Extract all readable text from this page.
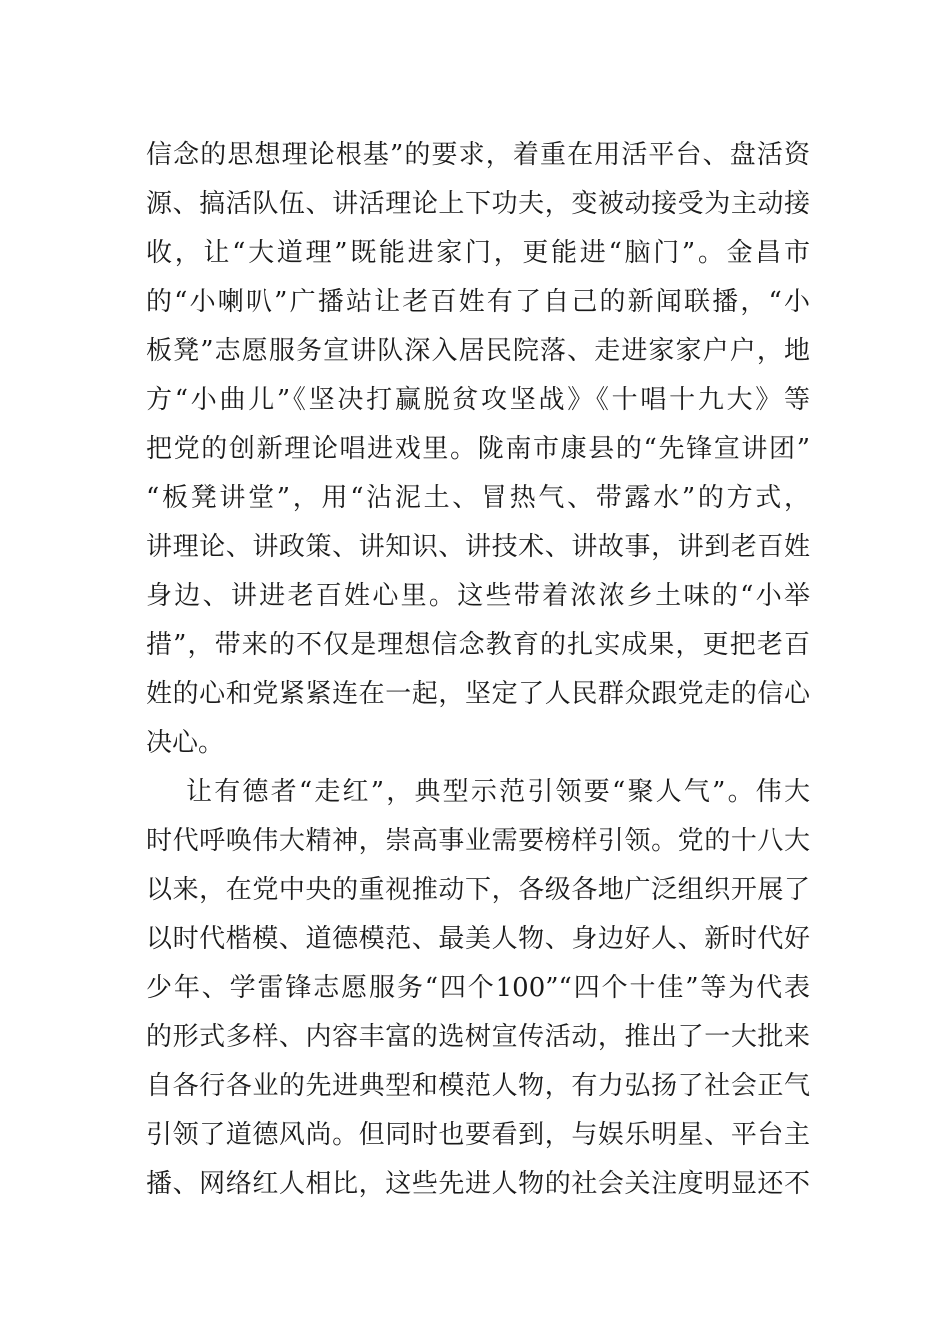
信念的思想理论根基”的要求，着重在用活平台、盘活资
源、搞活队伍、讲活理论上下功夫，变被动接受为主动接
收，让“大道理”既能进家门，更能进“脑门”。金昌市
的“小喇叭”广播站让老百姓有了自己的新闻联播，“小
板凳”志愿服务宣讲队深入居民院落、走进家家户户，地
方“小曲儿”《坚决打赢脱贫攻坚战》《十唱十九大》等
把党的创新理论唱进戏里。陇南市康县的“先锋宣讲团”
“板凳讲堂”，用“沾泥土、冒热气、带露水”的方式，
讲理论、讲政策、讲知识、讲技术、讲故事，讲到老百姓
身边、讲进老百姓心里。这些带着浓浓乡土味的“小举
措”，带来的不仅是理想信念教育的扎实成果，更把老百
姓的心和党紧紧连在一起，坚定了人民群众跟党走的信心
决心。
让有德者“走红”，典型示范引领要“聚人气”。伟大
时代呼唤伟大精神，崇高事业需要榜样引领。党的十八大
以来，在党中央的重视推动下，各级各地广泛组织开展了
以时代楷模、道德模范、最美人物、身边好人、新时代好
少年、学雷锋志愿服务“四个100”“四个十佳”等为代表
的形式多样、内容丰富的选树宣传活动，推出了一大批来
自各行各业的先进典型和模范人物，有力弘扬了社会正气
引领了道德风尚。但同时也要看到，与娱乐明星、平台主
播、网络红人相比，这些先进人物的社会关注度明显还不
